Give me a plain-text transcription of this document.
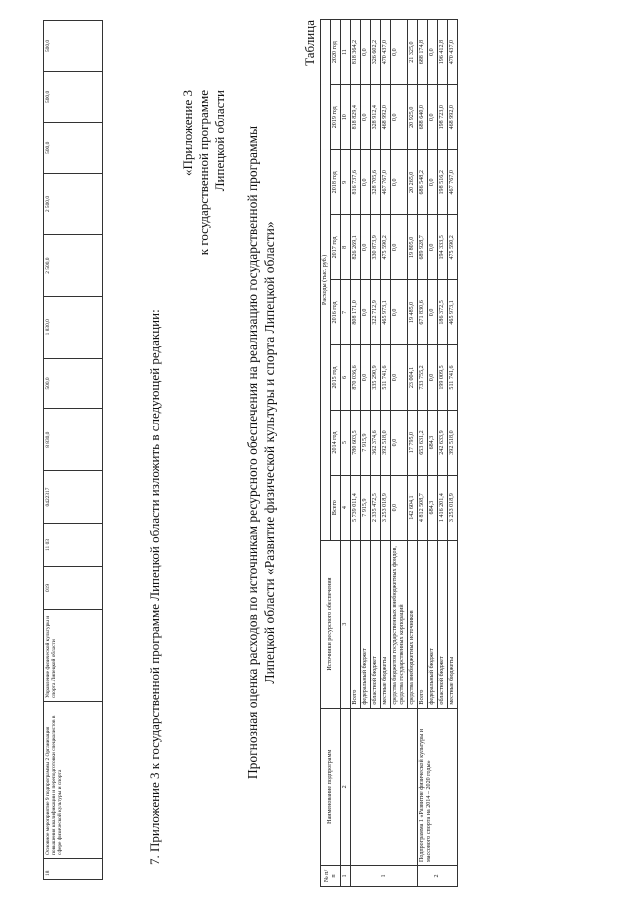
18	Основное мероприятие 9 подпрограммы 2 Организация повышения квалификации и переподготовки специалистов в сфере физической культуры и спорта	Управление физической культуры и спорта Липецкой области	019	11 03	0422317	8 830,0	500,0	1 830,0	2 500,0	2 500,0	500,0	500,0	500,0
7. Приложение 3 к государственной программе Липецкой области изложить в следующей редакции:
«Приложение 3 к государственной программе Липецкой области Прогнозная оценка расходов по источникам ресурсного обеспечения на реализацию государственной программы Липецкой области «Развитие физической культуры и спорта Липецкой области»
Таблица
№ п/п	Наименование подпрограмм	Источники ресурсного обеспечения	Расходы (тыс. руб.)							
			Всего	2014 год	2015 год	2016 год	2017 год	2018 год	2019 год	2020 год
1	2	3	4	5	6	7	8	9	10	11
1		Всего	5 739 011,4	780 603,5	870 036,6	808 171,0	826 269,1	816 737,6	818 829,4	818 364,2
		федеральный бюджет	7 915,9	7 915,9	0,0	0,0	0,0	0,0	0,0	0,0
		областной бюджет	2 335 472,5	362 374,6	335 290,9	322 712,9	330 873,9	328 705,6	328 912,4	326 602,2
		местные бюджеты	3 253 018,9	392 518,0	511 741,6	465 973,1	475 590,2	467 767,0	468 992,0	470 437,0
		средства бюджетов государственных внебюджетных фондов, средства государственных корпораций	0,0	0,0	0,0	0,0	0,0	0,0	0,0	0,0
		средства внебюджетных источников	142 604,1	17 795,0	23 004,1	19 485,0	19 805,0	20 265,0	20 925,0	21 325,0
2	Подпрограмма 1 «Развитие физической культуры и массового спорта на 2014 – 2020 годы»	Всего	4 812 508,7	653 631,2	733 755,2	671 830,6	689 928,7	686 548,2	688 640,0	688 174,8
		федеральный бюджет	684,3	684,3	0,0	0,0	0,0	0,0	0,0	0,0
		областной бюджет	1 416 201,4	242 633,9	199 009,5	186 372,5	194 333,5	198 516,2	198 723,0	196 412,8
		местные бюджеты	3 253 018,9	392 518,0	511 741,6	465 973,1	475 590,2	467 767,0	468 992,0	470 437,0
